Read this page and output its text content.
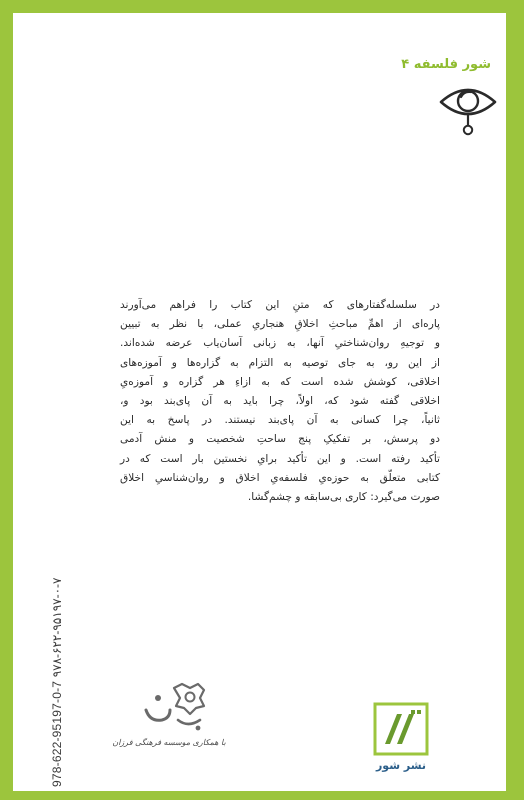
شور فلسفه ۴
در سلسله‌گفتارهای که متنِ این کتاب را فراهم می‌آورند
پاره‌ای از اهمِّ مباحثِ اخلاقِ هنجاریِ عملی، با نظر به تبیین
و توجیهِ روان‌شناختیِ آنها، به زبانی آسان‌یاب عرضه شده‌اند.
از این رو، به جای توصیه به التزام به گزاره‌ها و آموزه‌های
اخلاقی، کوشش شده است که به ازاءِ هر گزاره و آموزه‌یِ
اخلاقی گفته شود که، اولاً، چرا باید به آن پای‌بند بود و،
ثانیاً، چرا کسانی به آن پای‌بند نیستند. در پاسخ به این
دو پرسش، بر تفکیکِ پنج ساحتِ شخصیت و منش آدمی
تأکید رفته است. و این تأکید برایِ نخستین بار است که در
کتابی متعلّق به حوزه‌یِ فلسفه‌یِ اخلاق و روان‌شناسیِ اخلاق
صورت می‌گیرد: کاری بی‌سابقه و چشم‌گشا.
978-622-95197-0-7 ۹۷۸-۶۲۲-۹۵۱۹۷-۰-۷
با همکاری موسسه فرهنگی فرزان
نشر شور
